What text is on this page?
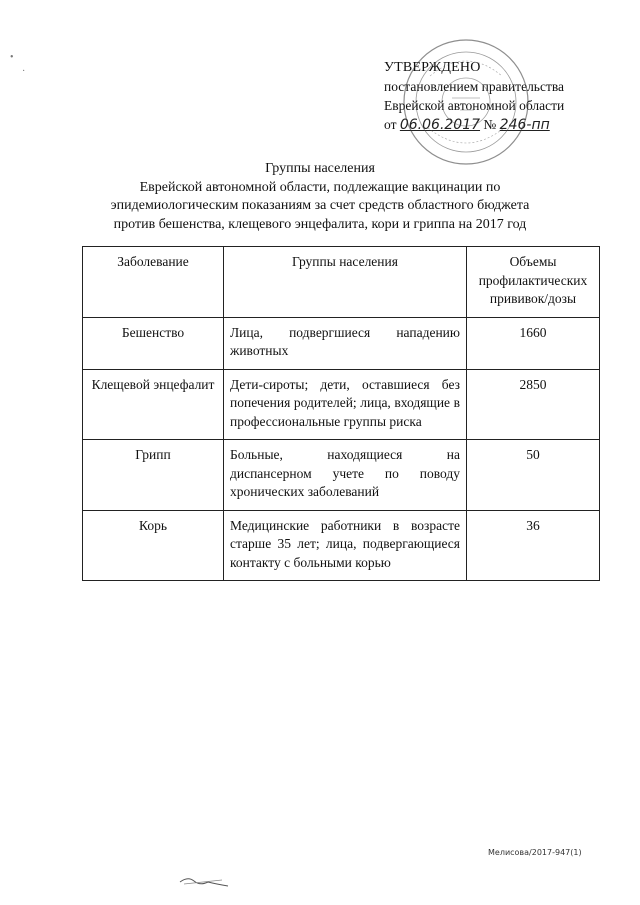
•
·	УТВЕРЖДЕНО
постановлением правительства
Еврейской автономной области
от 06.06.2017 № 246-пп
Группы населения
Еврейской автономной области, подлежащие вакцинации по
эпидемиологическим показаниям за счет средств областного бюджета
против бешенства, клещевого энцефалита, кори и гриппа на 2017 год
Заболевание	Группы населения	Объемы профилактических прививок/дозы
Бешенство	Лица, подвергшиеся нападению животных	1660
Клещевой энцефалит	Дети-сироты; дети, оставшиеся без попечения родителей; лица, входящие в профессиональные группы риска	2850
Грипп	Больные, находящиеся на диспансерном учете по поводу хронических заболеваний	50
Корь	Медицинские работники в возрасте старше 35 лет; лица, подвергающиеся контакту с больными корью	36
Мелисова/2017-947(1)
